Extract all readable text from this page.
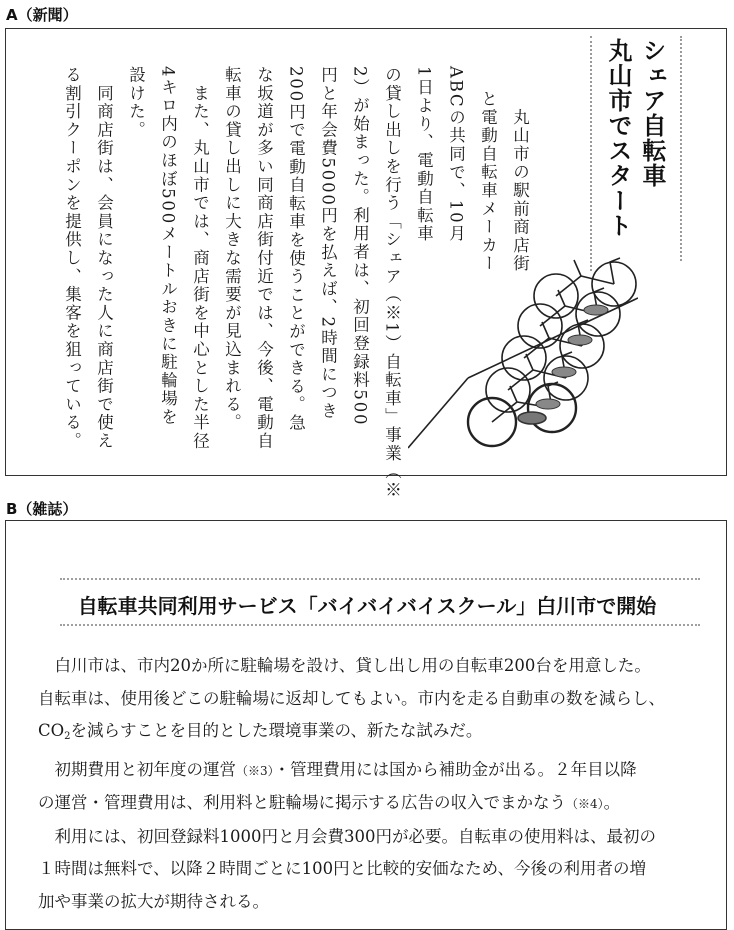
A（新聞）
シェア自転車
丸山市でスタート
　丸山市の駅前商店街
と電動自転車メーカー
ABCの共同で、10月
1日より、電動自転車
の貸し出しを行う「シェア（※1）自転車」事業（※
2）が始まった。利用者は、初回登録料500
円と年会費5000円を払えば、2時間につき
200円で電動自転車を使うことができる。急
な坂道が多い同商店街付近では、今後、電動自
転車の貸し出しに大きな需要が見込まれる。
　また、丸山市では、商店街を中心とした半径
4キロ内のほぼ500メートルおきに駐輪場を
設けた。
　同商店街は、会員になった人に商店街で使え
る割引クーポンを提供し、集客を狙っている。
B（雑誌）
自転車共同利用サービス「バイバイバイスクール」白川市で開始

白川市は、市内20か所に駐輪場を設け、貸し出し用の自転車200台を用意した。
自転車は、使用後どこの駐輪場に返却してもよい。市内を走る自動車の数を減らし、
$CO_2$を減らすことを目的とした環境事業の、新たな試みだ。

初期費用と初年度の運営（※3）・管理費用には国から補助金が出る。２年目以降
の運営・管理費用は、利用料と駐輪場に掲示する広告の収入でまかなう（※4）。

利用には、初回登録料1000円と月会費300円が必要。自転車の使用料は、最初の
１時間は無料で、以降２時間ごとに100円と比較的安価なため、今後の利用者の増
加や事業の拡大が期待される。
